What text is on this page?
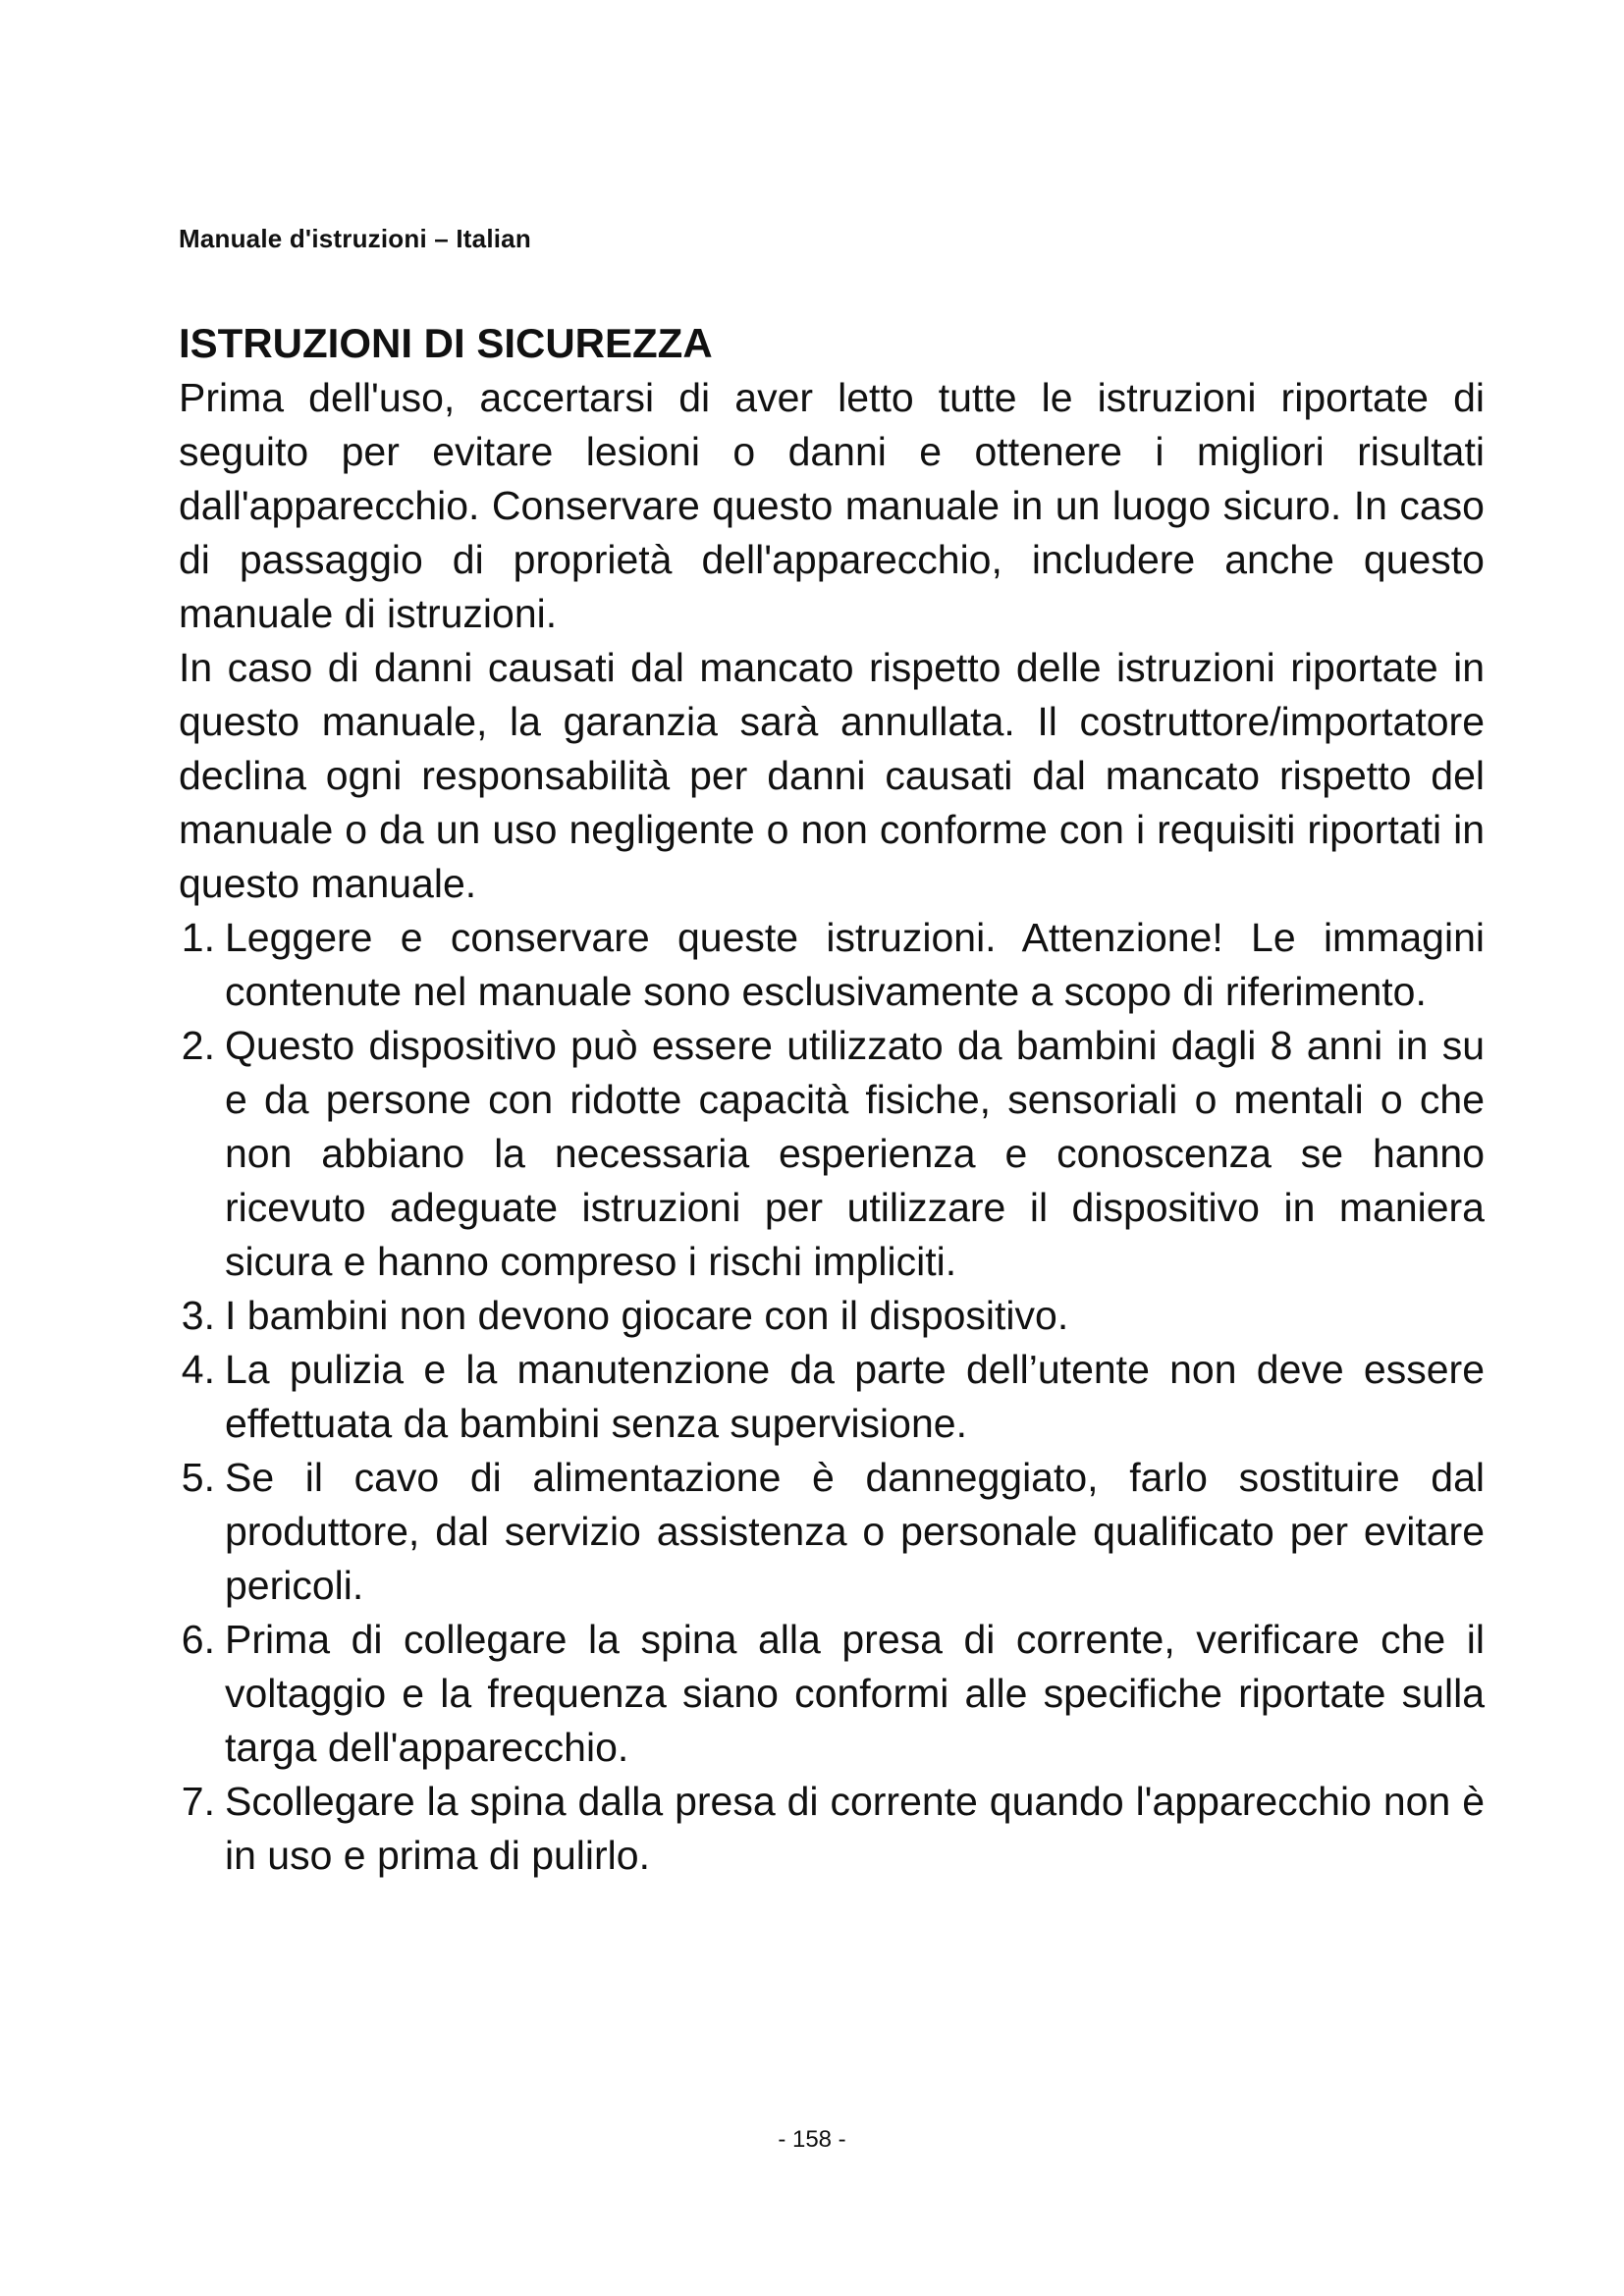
Manuale d'istruzioni – Italian
ISTRUZIONI DI SICUREZZA

Prima dell'uso, accertarsi di aver letto tutte le istruzioni riportate di seguito per evitare lesioni o danni e ottenere i migliori risultati dall'apparecchio. Conservare questo manuale in un luogo sicuro. In caso di passaggio di proprietà dell'apparecchio, includere anche questo manuale di istruzioni.

In caso di danni causati dal mancato rispetto delle istruzioni riportate in questo manuale, la garanzia sarà annullata. Il costruttore/importatore declina ogni responsabilità per danni causati dal mancato rispetto del manuale o da un uso negligente o non conforme con i requisiti riportati in questo manuale.

1. Leggere e conservare queste istruzioni. Attenzione! Le immagini contenute nel manuale sono esclusivamente a scopo di riferimento.
2. Questo dispositivo può essere utilizzato da bambini dagli 8 anni in su e da persone con ridotte capacità fisiche, sensoriali o mentali o che non abbiano la necessaria esperienza e conoscenza se hanno ricevuto adeguate istruzioni per utilizzare il dispositivo in maniera sicura e hanno compreso i rischi impliciti.
3. I bambini non devono giocare con il dispositivo.
4. La pulizia e la manutenzione da parte dell’utente non deve essere effettuata da bambini senza supervisione.
5. Se il cavo di alimentazione è danneggiato, farlo sostituire dal produttore, dal servizio assistenza o personale qualificato per evitare pericoli.
6. Prima di collegare la spina alla presa di corrente, verificare che il voltaggio e la frequenza siano conformi alle specifiche riportate sulla targa dell'apparecchio.
7. Scollegare la spina dalla presa di corrente quando l'apparecchio non è in uso e prima di pulirlo.
- 158 -
